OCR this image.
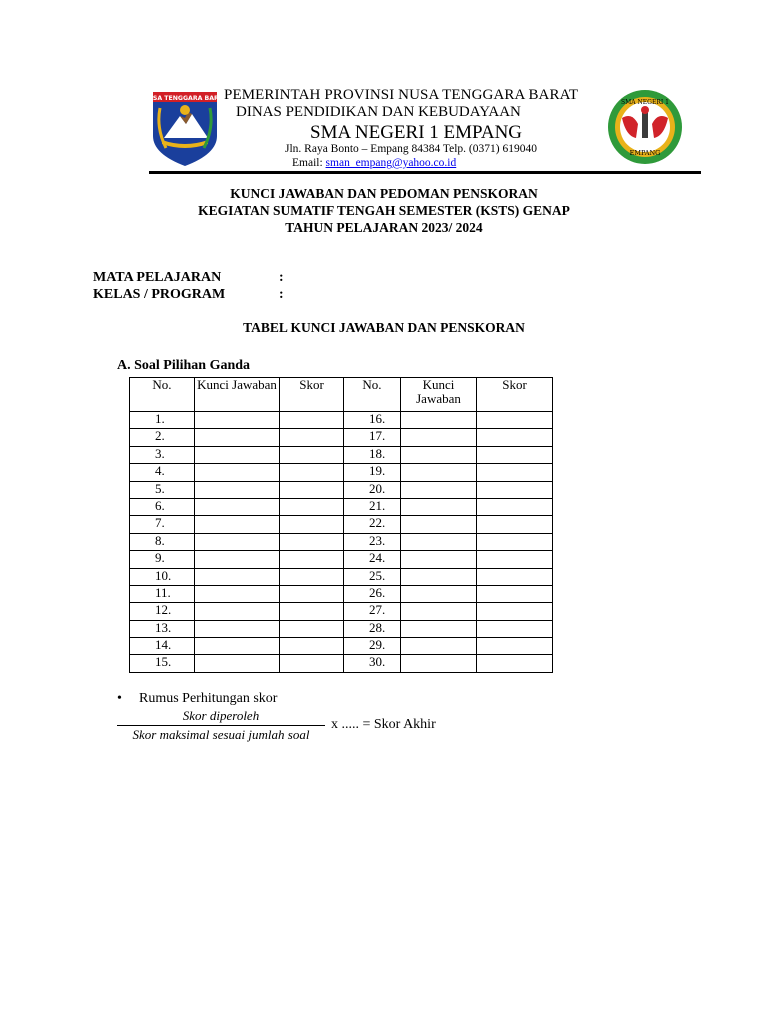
NUSA TENGGARA BARAT
SMA NEGERI 1
EMPANG
PEMERINTAH PROVINSI NUSA TENGGARA BARAT
DINAS PENDIDIKAN DAN KEBUDAYAAN
SMA NEGERI 1 EMPANG
Jln. Raya Bonto – Empang 84384 Telp. (0371) 619040
Email: sman_empang@yahoo.co.id
KUNCI JAWABAN DAN PEDOMAN PENSKORAN
KEGIATAN SUMATIF TENGAH SEMESTER (KSTS) GENAP
TAHUN PELAJARAN 2023/ 2024
MATA PELAJARAN	:
KELAS / PROGRAM	:
TABEL KUNCI JAWABAN DAN PENSKORAN
A. Soal Pilihan Ganda
No.	Kunci Jawaban	Skor	No.	Kunci Jawaban	Skor
1.			16.		
2.			17.		
3.			18.		
4.			19.		
5.			20.		
6.			21.		
7.			22.		
8.			23.		
9.			24.		
10.			25.		
11.			26.		
12.			27.		
13.			28.		
14.			29.		
15.			30.		
• Rumus Perhitungan skor
Skor diperoleh
Skor maksimal sesuai jumlah soal
x ..... = Skor Akhir
